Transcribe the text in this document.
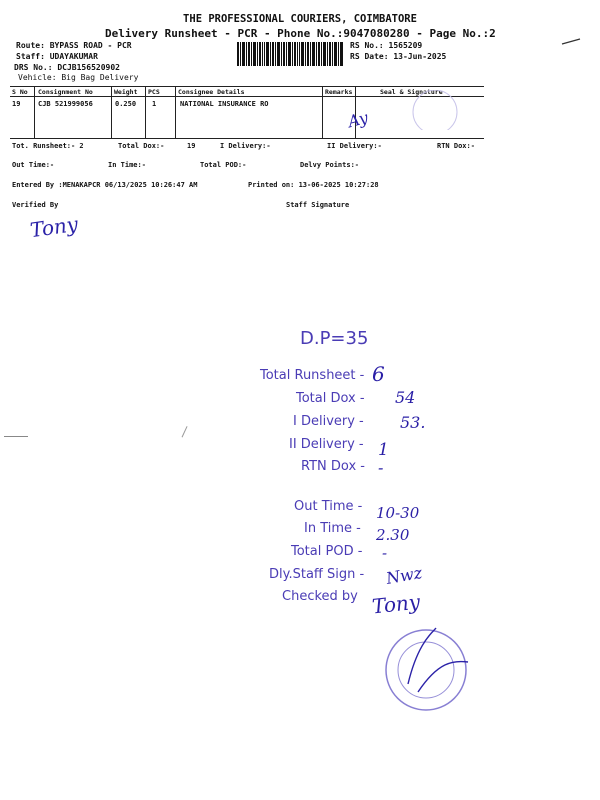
THE PROFESSIONAL COURIERS, COIMBATORE
Delivery Runsheet - PCR - Phone No.:9047080280 - Page No.:2
Route: BYPASS ROAD - PCR
Staff: UDAYAKUMAR
DRS No.: DCJB156520902
Vehicle: Big Bag Delivery
RS No.: 1565209
RS Date: 13-Jun-2025
S No Consignment No	Weight PCS	Consignee Details	Remarks	Seal & Signature
19	CJB 521999056	0.250 1	NATIONAL INSURANCE RO
Ay
Tot. Runsheet:- 2	Total Dox:-	19	I Delivery:-	II Delivery:-	RTN Dox:-
Out Time:-	In Time:-	Total POD:-	Delvy Points:-
Entered By :MENAKAPCR 06/13/2025 10:26:47 AM	Printed on: 13-06-2025 10:27:28
Verified By	Staff Signature
Tony
D.P=35
Total Runsheet - 6
Total Dox - 54
I Delivery - 53.
II Delivery - 1
RTN Dox - -
Out Time - 10-30
In Time - 2.30
Total POD - -
Dly.Staff Sign - Nwz
Checked by Tony
